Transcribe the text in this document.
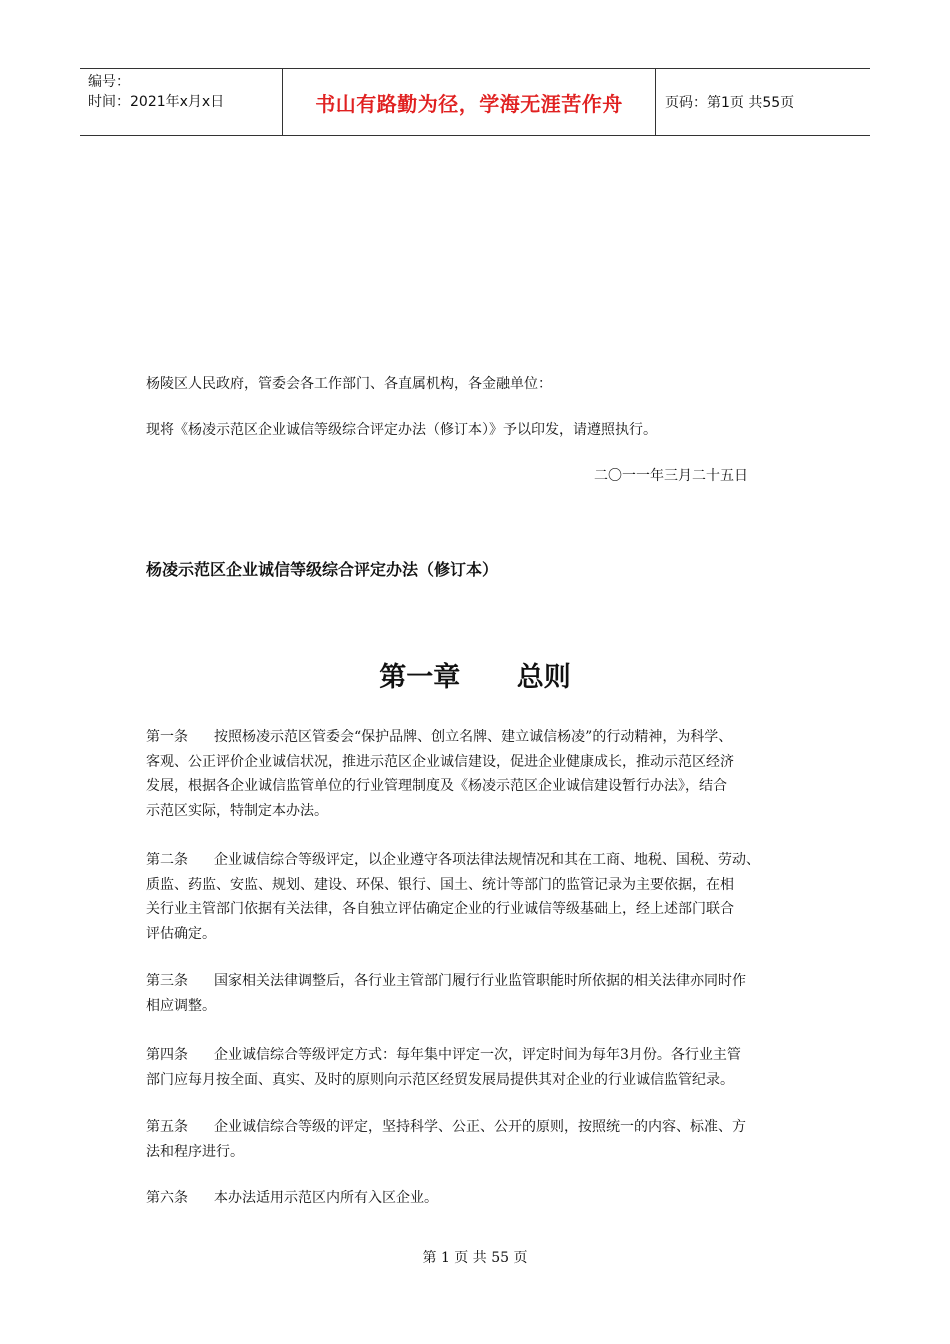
编号：
时间：2021年x月x日	书山有路勤为径，学海无涯苦作舟	页码：第1页 共55页
杨陵区人民政府，管委会各工作部门、各直属机构，各金融单位：
现将《杨凌示范区企业诚信等级综合评定办法（修订本）》予以印发，请遵照执行。
二〇一一年三月二十五日
杨凌示范区企业诚信等级综合评定办法（修订本）
第一章      总则
第一条 按照杨凌示范区管委会“保护品牌、创立名牌、建立诚信杨凌”的行动精神，为科学、
客观、公正评价企业诚信状况，推进示范区企业诚信建设，促进企业健康成长，推动示范区经济
发展，根据各企业诚信监管单位的行业管理制度及《杨凌示范区企业诚信建设暂行办法》，结合
示范区实际，特制定本办法。
第二条 企业诚信综合等级评定，以企业遵守各项法律法规情况和其在工商、地税、国税、劳动、
质监、药监、安监、规划、建设、环保、银行、国土、统计等部门的监管记录为主要依据，在相
关行业主管部门依据有关法律，各自独立评估确定企业的行业诚信等级基础上，经上述部门联合
评估确定。
第三条 国家相关法律调整后，各行业主管部门履行行业监管职能时所依据的相关法律亦同时作
相应调整。
第四条 企业诚信综合等级评定方式：每年集中评定一次，评定时间为每年3月份。各行业主管
部门应每月按全面、真实、及时的原则向示范区经贸发展局提供其对企业的行业诚信监管纪录。
第五条 企业诚信综合等级的评定，坚持科学、公正、公开的原则，按照统一的内容、标准、方
法和程序进行。
第六条 本办法适用示范区内所有入区企业。
第 1 页 共 55 页
